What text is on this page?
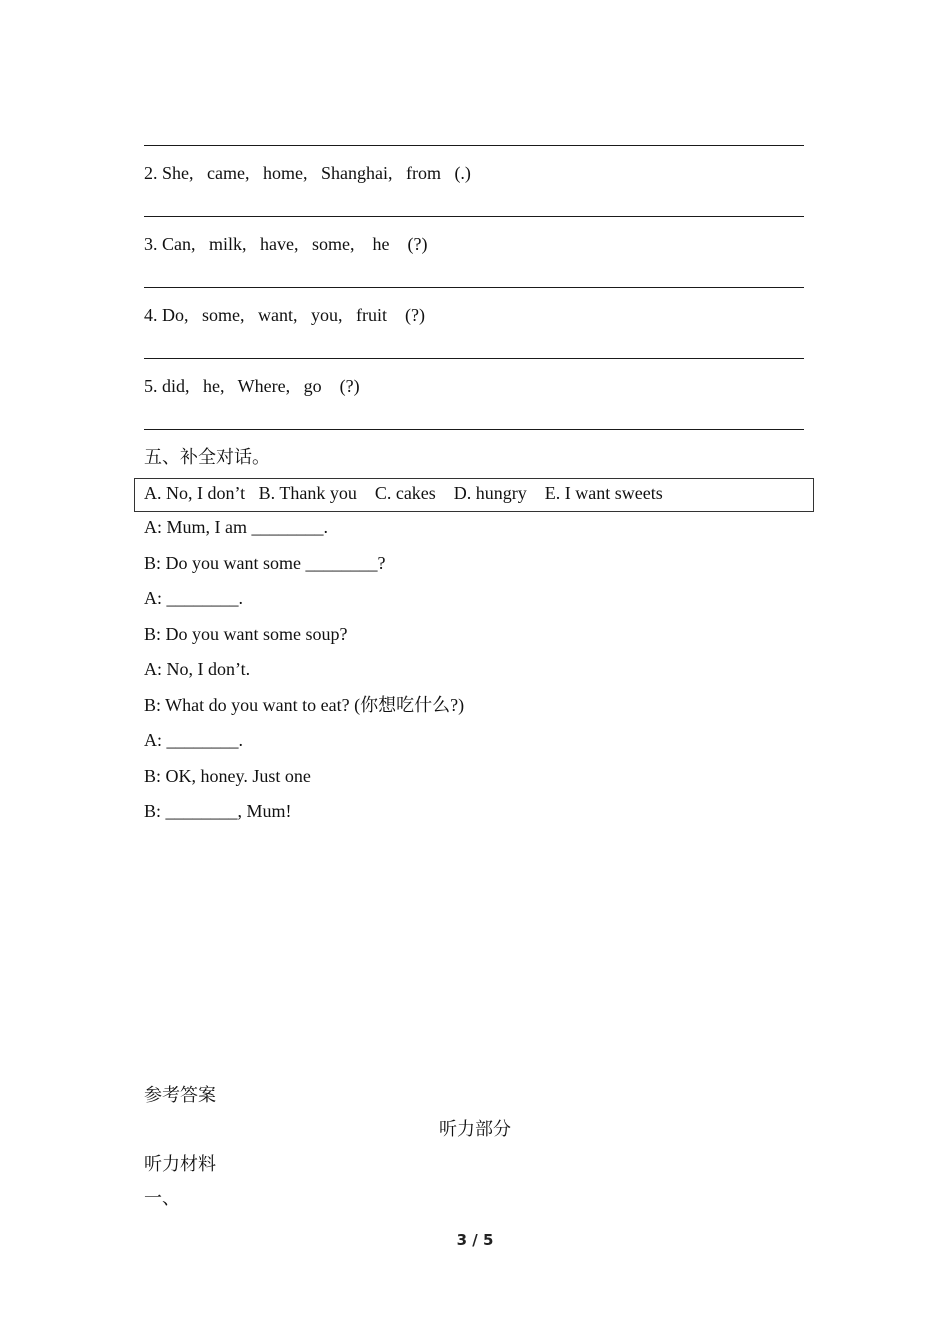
2. She,   came,   home,   Shanghai,   from   (.)
3. Can,   milk,   have,   some,    he    (?)
4. Do,   some,   want,   you,   fruit    (?)
5. did,   he,   Where,   go    (?)
五、补全对话。
A. No, I don’t   B. Thank you    C. cakes    D. hungry    E. I want sweets
A: Mum, I am ________.
B: Do you want some ________?
A: ________.
B: Do you want some soup?
A: No, I don’t.
B: What do you want to eat? (你想吃什么?)
A: ________.
B: OK, honey. Just one
B: ________, Mum!
参考答案
听力部分
听力材料
一、
3 / 5
